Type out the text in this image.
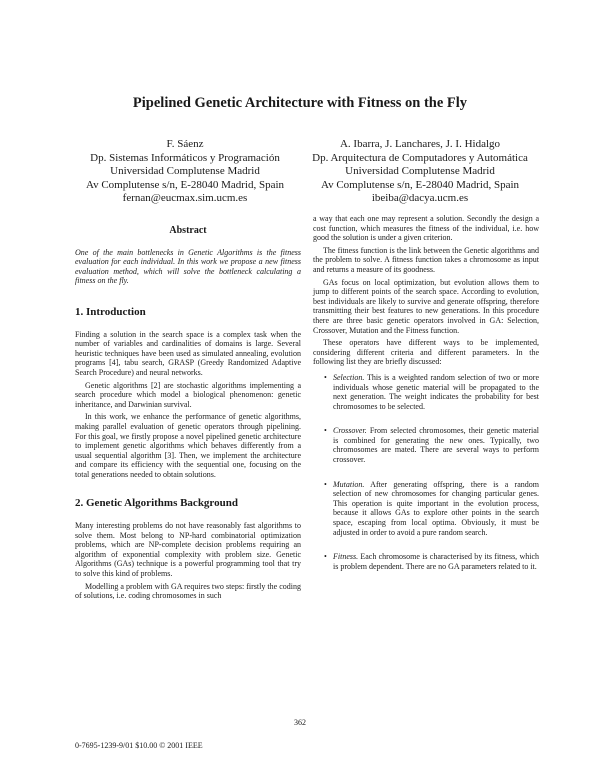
Pipelined Genetic Architecture with Fitness on the Fly
F. Sáenz
Dp. Sistemas Informáticos y Programación
Universidad Complutense Madrid
Av Complutense s/n, E-28040 Madrid, Spain
fernan@eucmax.sim.ucm.es
A. Ibarra, J. Lanchares, J. I. Hidalgo
Dp. Arquitectura de Computadores y Automática
Universidad Complutense Madrid
Av Complutense s/n, E-28040 Madrid, Spain
ibeiba@dacya.ucm.es
Abstract
One of the main bottlenecks in Genetic Algorithms is the fitness evaluation for each individual. In this work we propose a new fitness evaluation method, which will solve the bottleneck calculating a fitness on the fly.
1. Introduction

Finding a solution in the search space is a complex task when the number of variables and cardinalities of domains is large. Several heuristic techniques have been used as simulated annealing, evolution programs [4], tabu search, GRASP (Greedy Randomized Adaptive Search Procedure) and neural networks.

Genetic algorithms [2] are stochastic algorithms implementing a search procedure which model a biological phenomenon: genetic inheritance, and Darwinian survival.

In this work, we enhance the performance of genetic algorithms, making parallel evaluation of genetic operators through pipelining. For this goal, we firstly propose a novel pipelined genetic architecture to implement genetic algorithms which behaves differently from a usual sequential algorithm [3]. Then, we implement the architecture and compare its efficiency with the sequential one, focusing on the total generations needed to obtain solutions.

2. Genetic Algorithms Background

Many interesting problems do not have reasonably fast algorithms to solve them. Most belong to NP-hard combinatorial optimization problems, which are NP-complete decision problems requiring an algorithm of exponential complexity with problem size. Genetic Algorithms (GAs) technique is a powerful programming tool that try to solve this kind of problems.

Modelling a problem with GA requires two steps: firstly the coding of solutions, i.e. coding chromosomes in such

a way that each one may represent a solution. Secondly the design a cost function, which measures the fitness of the individual, i.e. how good the solution is under a given criterion.

The fitness function is the link between the Genetic algorithms and the problem to solve. A fitness function takes a chromosome as input and returns a measure of its goodness.

GAs focus on local optimization, but evolution allows them to jump to different points of the search space. According to evolution, best individuals are likely to survive and generate offspring, therefore transmitting their best features to new generations. In this procedure there are three basic genetic operators involved in GA: Selection, Crossover, Mutation and the Fitness function.

These operators have different ways to be implemented, considering different criteria and different parameters. In the following list they are briefly discussed:

• Selection. This is a weighted random selection of two or more individuals whose genetic material will be propagated to the next generation. The weight indicates the probability for best chromosomes to be selected.
• Crossover. From selected chromosomes, their genetic material is combined for generating the new ones. Typically, two chromosomes are mated. There are several ways to perform crossover.
• Mutation. After generating offspring, there is a random selection of new chromosomes for changing particular genes. This operation is quite important in the evolution process, because it allows GAs to explore other points in the search space, escaping from local optima. Obviously, it must be adjusted in order to avoid a pure random search.
• Fitness. Each chromosome is characterised by its fitness, which is problem dependent. There are no GA parameters related to it.
362
0-7695-1239-9/01 $10.00 © 2001 IEEE
